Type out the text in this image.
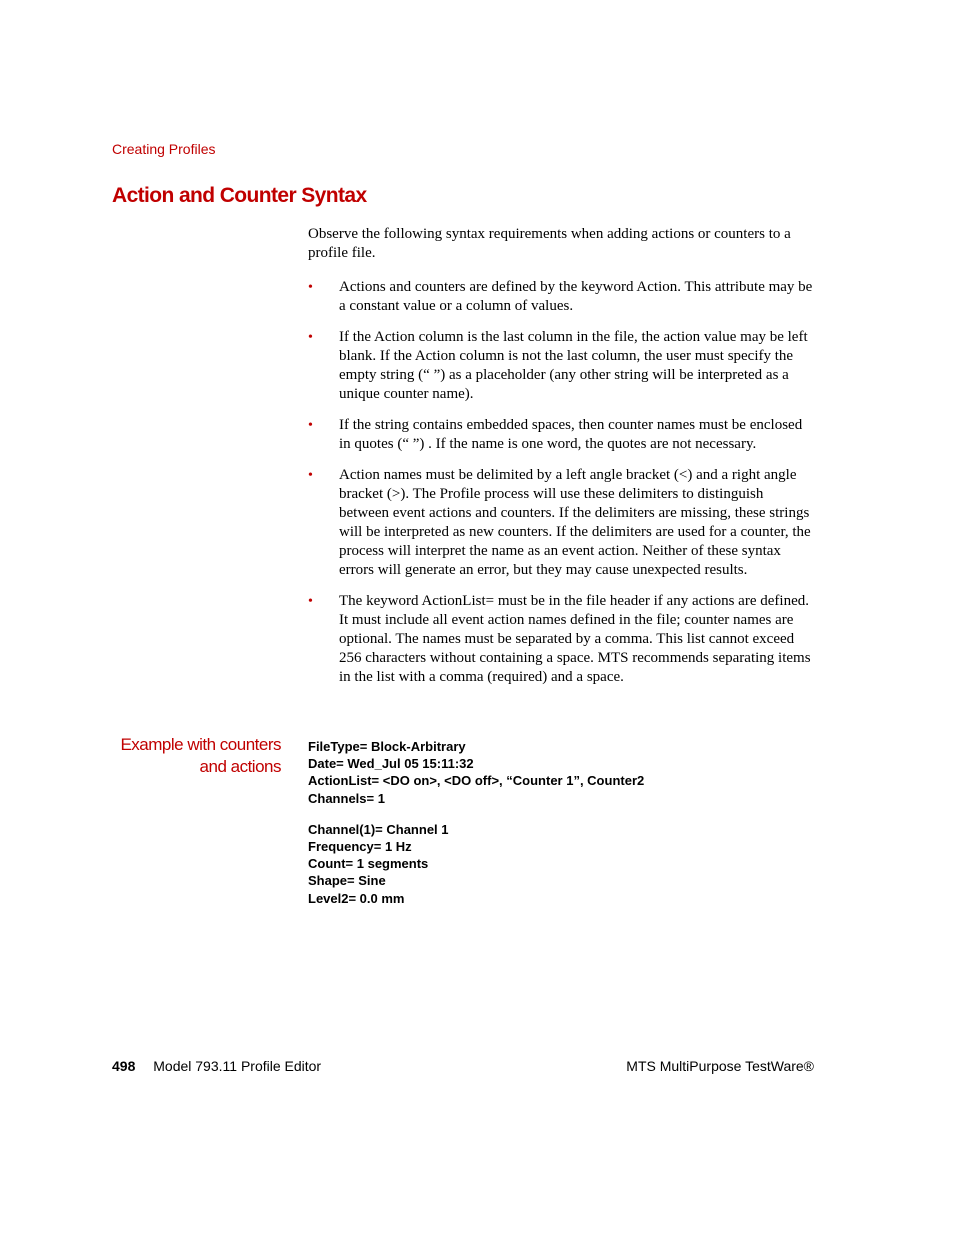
Creating Profiles
Action and Counter Syntax

Observe the following syntax requirements when adding actions or counters to a profile file.

• Actions and counters are defined by the keyword Action. This attribute may be a constant value or a column of values.
• If the Action column is the last column in the file, the action value may be left blank. If the Action column is not the last column, the user must specify the empty string (“ ”) as a placeholder (any other string will be interpreted as a unique counter name).
• If the string contains embedded spaces, then counter names must be enclosed in quotes (“ ”) . If the name is one word, the quotes are not necessary.
• Action names must be delimited by a left angle bracket (<) and a right angle bracket (>). The Profile process will use these delimiters to distinguish between event actions and counters. If the delimiters are missing, these strings will be interpreted as new counters. If the delimiters are used for a counter, the process will interpret the name as an event action. Neither of these syntax errors will generate an error, but they may cause unexpected results.
• The keyword ActionList= must be in the file header if any actions are defined. It must include all event action names defined in the file; counter names are optional. The names must be separated by a comma. This list cannot exceed 256 characters without containing a space. MTS recommends separating items in the list with a comma (required) and a space.
Example with counters
and actions
FileType= Block-Arbitrary
Date= Wed_Jul 05 15:11:32
ActionList= <DO on>, <DO off>, “Counter 1”, Counter2
Channels= 1
Channel(1)= Channel 1
Frequency= 1 Hz
Count= 1 segments
Shape= Sine
Level2= 0.0 mm
498 Model 793.11 Profile Editor	MTS MultiPurpose TestWare®
